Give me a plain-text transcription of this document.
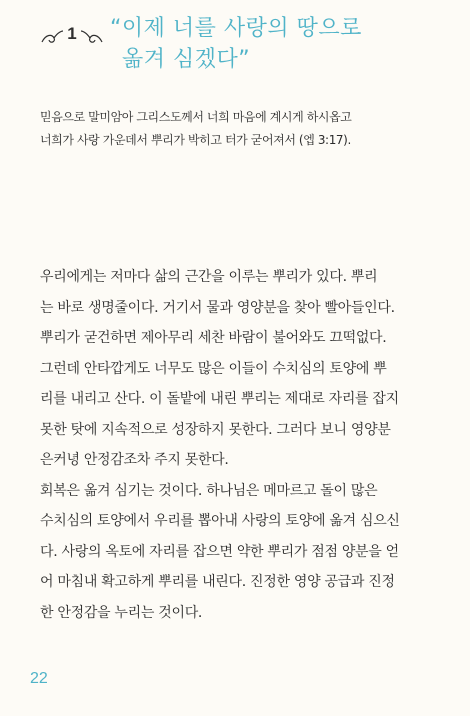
1 “이제 너를 사랑의 땅으로
옮겨 심겠다”
믿음으로 말미암아 그리스도께서 너희 마음에 계시게 하시옵고
너희가 사랑 가운데서 뿌리가 박히고 터가 굳어져서 (엡 3:17).
우리에게는 저마다 삶의 근간을 이루는 뿌리가 있다. 뿌리
는 바로 생명줄이다. 거기서 물과 영양분을 찾아 빨아들인다.
뿌리가 굳건하면 제아무리 세찬 바람이 불어와도 끄떡없다.
그런데 안타깝게도 너무도 많은 이들이 수치심의 토양에 뿌
리를 내리고 산다. 이 돌밭에 내린 뿌리는 제대로 자리를 잡지
못한 탓에 지속적으로 성장하지 못한다. 그러다 보니 영양분
은커녕 안정감조차 주지 못한다.
회복은 옮겨 심기는 것이다. 하나님은 메마르고 돌이 많은
수치심의 토양에서 우리를 뽑아내 사랑의 토양에 옮겨 심으신
다. 사랑의 옥토에 자리를 잡으면 약한 뿌리가 점점 양분을 얻
어 마침내 확고하게 뿌리를 내린다. 진정한 영양 공급과 진정
한 안정감을 누리는 것이다.
22
